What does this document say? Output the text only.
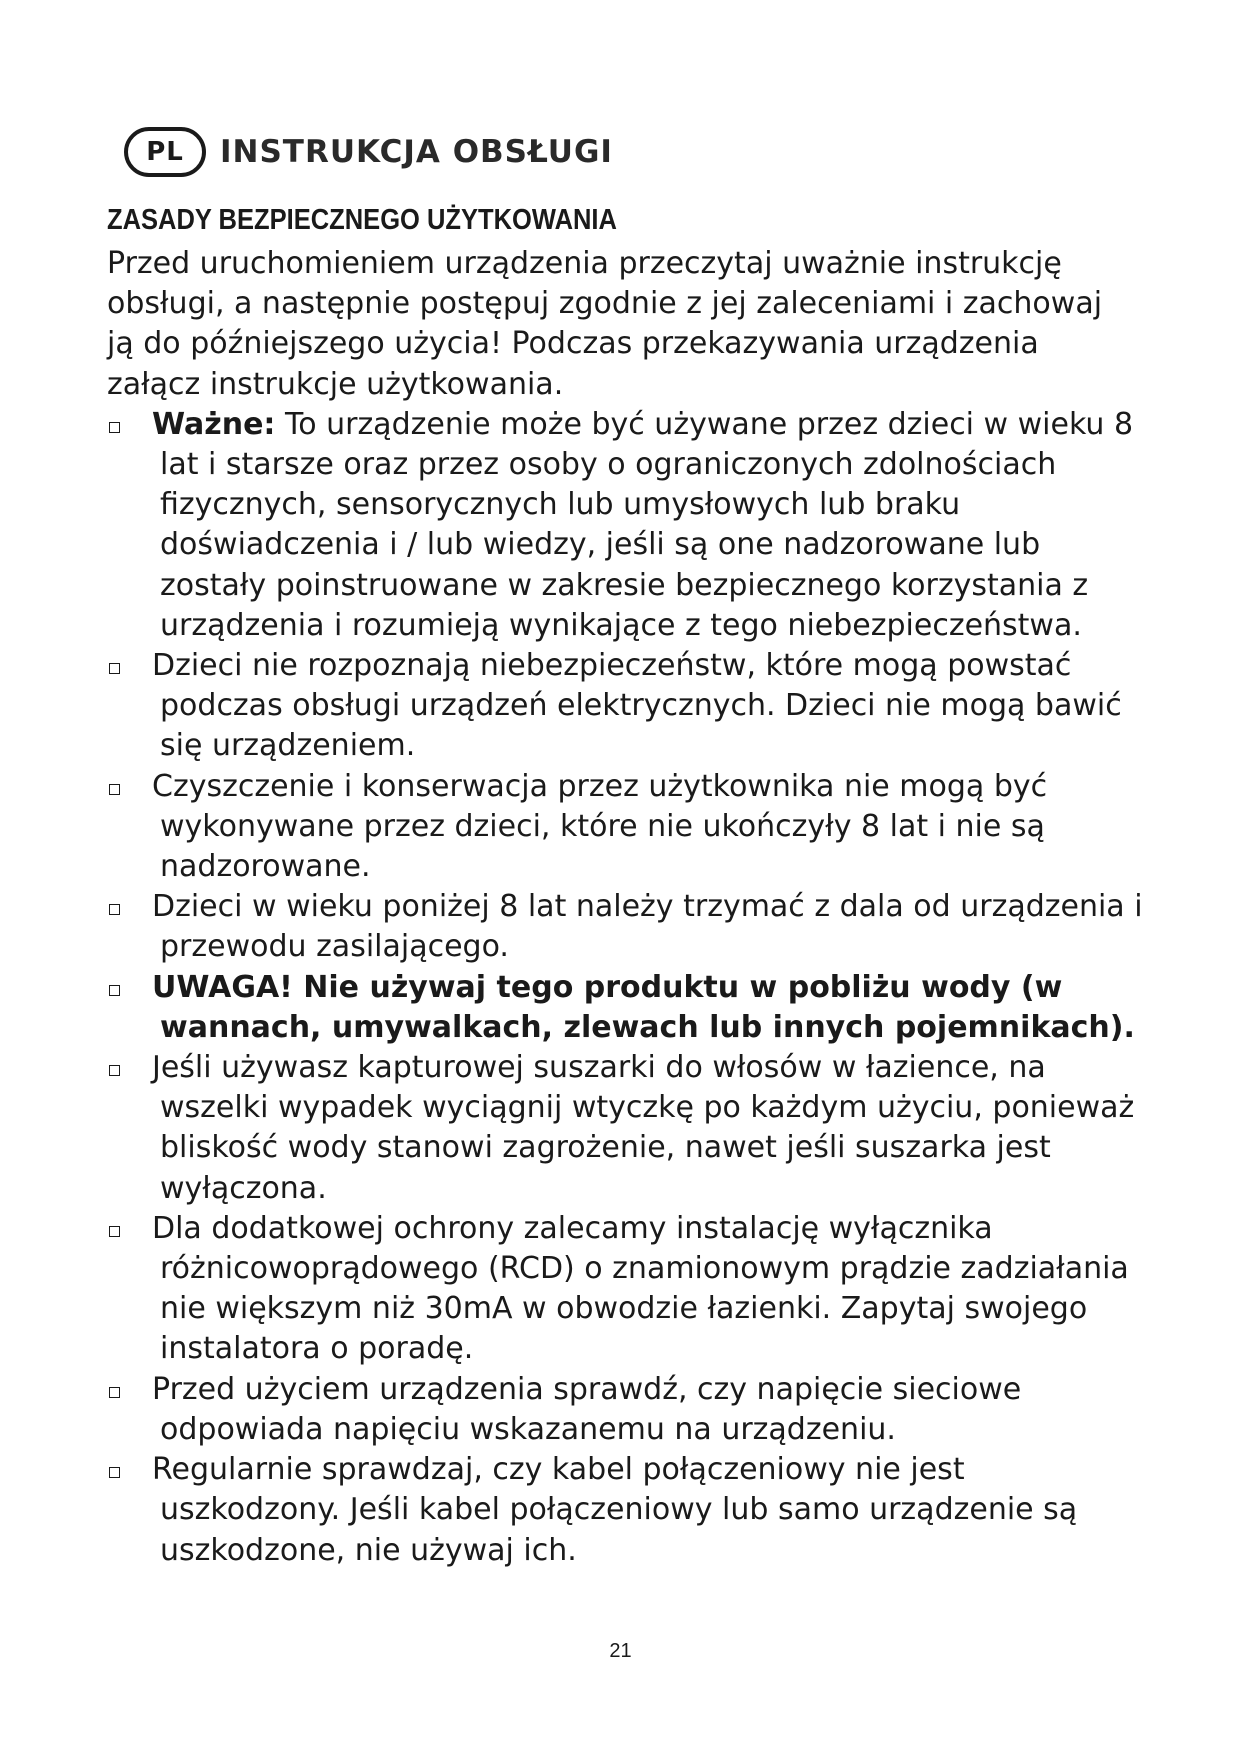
PL	INSTRUKCJA OBSŁUGI
ZASADY BEZPIECZNEGO UŻYTKOWANIA

Przed uruchomieniem urządzenia przeczytaj uważnie instrukcję obsługi, a następnie postępuj zgodnie z jej zaleceniami i zachowaj ją do późniejszego użycia! Podczas przekazywania urządzenia załącz instrukcje użytkowania.

Ważne: To urządzenie może być używane przez dzieci w wieku 8 lat i starsze oraz przez osoby o ograniczonych zdolnościach fizycznych, sensorycznych lub umysłowych lub braku doświadczenia i / lub wiedzy, jeśli są one nadzorowane lub zostały poinstruowane w zakresie bezpiecznego korzystania z urządzenia i rozumieją wynikające z tego niebezpieczeństwa.
Dzieci nie rozpoznają niebezpieczeństw, które mogą powstać podczas obsługi urządzeń elektrycznych. Dzieci nie mogą bawić się urządzeniem.
Czyszczenie i konserwacja przez użytkownika nie mogą być wykonywane przez dzieci, które nie ukończyły 8 lat i nie są nadzorowane.
Dzieci w wieku poniżej 8 lat należy trzymać z dala od urządzenia i przewodu zasilającego.
UWAGA! Nie używaj tego produktu w pobliżu wody (w wannach, umywalkach, zlewach lub innych pojemnikach).
Jeśli używasz kapturowej suszarki do włosów w łazience, na wszelki wypadek wyciągnij wtyczkę po każdym użyciu, ponieważ bliskość wody stanowi zagrożenie, nawet jeśli suszarka jest wyłączona.
Dla dodatkowej ochrony zalecamy instalację wyłącznika różnicowoprądowego (RCD) o znamionowym prądzie zadziałania nie większym niż 30mA w obwodzie łazienki. Zapytaj swojego instalatora o poradę.
Przed użyciem urządzenia sprawdź, czy napięcie sieciowe odpowiada napięciu wskazanemu na urządzeniu.
Regularnie sprawdzaj, czy kabel połączeniowy nie jest uszkodzony. Jeśli kabel połączeniowy lub samo urządzenie są uszkodzone, nie używaj ich.
21
